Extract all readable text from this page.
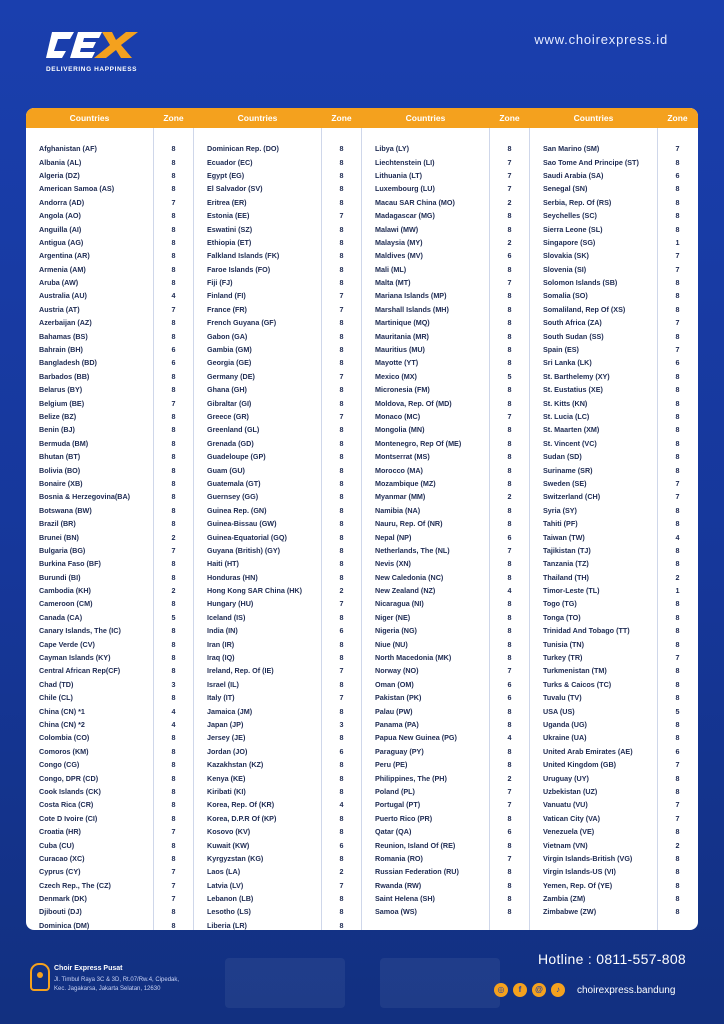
DELIVERING HAPPINESS
www.choirexpress.id
Countries	Zone	Countries	Zone	Countries	Zone	Countries	Zone
Afghanistan (AF)	8
Albania (AL)	8
Algeria (DZ)	8
American Samoa (AS)	8
Andorra (AD)	7
Angola (AO)	8
Anguilla (AI)	8
Antigua (AG)	8
Argentina (AR)	8
Armenia (AM)	8
Aruba (AW)	8
Australia (AU)	4
Austria (AT)	7
Azerbaijan (AZ)	8
Bahamas (BS)	8
Bahrain (BH)	6
Bangladesh (BD)	6
Barbados (BB)	8
Belarus (BY)	8
Belgium (BE)	7
Belize (BZ)	8
Benin (BJ)	8
Bermuda (BM)	8
Bhutan (BT)	8
Bolivia (BO)	8
Bonaire (XB)	8
Bosnia & Herzegovina(BA)	8
Botswana (BW)	8
Brazil (BR)	8
Brunei (BN)	2
Bulgaria (BG)	7
Burkina Faso (BF)	8
Burundi (BI)	8
Cambodia (KH)	2
Cameroon (CM)	8
Canada (CA)	5
Canary Islands, The (IC)	8
Cape Verde (CV)	8
Cayman Islands (KY)	8
Central African Rep(CF)	8
Chad (TD)	3
Chile (CL)	8
China (CN) *1	4
China (CN) *2	4
Colombia (CO)	8
Comoros (KM)	8
Congo (CG)	8
Congo, DPR (CD)	8
Cook Islands (CK)	8
Costa Rica (CR)	8
Cote D Ivoire (CI)	8
Croatia (HR)	7
Cuba (CU)	8
Curacao (XC)	8
Cyprus (CY)	7
Czech Rep., The (CZ)	7
Denmark (DK)	7
Djibouti (DJ)	8
Dominica (DM)	8
Dominican Rep. (DO)	8
Ecuador (EC)	8
Egypt (EG)	8
El Salvador (SV)	8
Eritrea (ER)	8
Estonia (EE)	7
Eswatini (SZ)	8
Ethiopia (ET)	8
Falkland Islands (FK)	8
Faroe Islands (FO)	8
Fiji (FJ)	8
Finland (FI)	7
France (FR)	7
French Guyana (GF)	8
Gabon (GA)	8
Gambia (GM)	8
Georgia (GE)	8
Germany (DE)	7
Ghana (GH)	8
Gibraltar (GI)	8
Greece (GR)	7
Greenland (GL)	8
Grenada (GD)	8
Guadeloupe (GP)	8
Guam (GU)	8
Guatemala (GT)	8
Guernsey (GG)	8
Guinea Rep. (GN)	8
Guinea-Bissau (GW)	8
Guinea-Equatorial (GQ)	8
Guyana (British) (GY)	8
Haiti (HT)	8
Honduras (HN)	8
Hong Kong SAR China (HK)	2
Hungary (HU)	7
Iceland (IS)	8
India (IN)	6
Iran (IR)	8
Iraq (IQ)	8
Ireland, Rep. Of (IE)	7
Israel (IL)	8
Italy (IT)	7
Jamaica (JM)	8
Japan (JP)	3
Jersey (JE)	8
Jordan (JO)	6
Kazakhstan (KZ)	8
Kenya (KE)	8
Kiribati (KI)	8
Korea, Rep. Of (KR)	4
Korea, D.P.R Of (KP)	8
Kosovo (KV)	8
Kuwait (KW)	6
Kyrgyzstan (KG)	8
Laos (LA)	2
Latvia (LV)	7
Lebanon (LB)	8
Lesotho (LS)	8
Liberia (LR)	8
Libya (LY)	8
Liechtenstein (LI)	7
Lithuania (LT)	7
Luxembourg (LU)	7
Macau SAR China (MO)	2
Madagascar (MG)	8
Malawi (MW)	8
Malaysia (MY)	2
Maldives (MV)	6
Mali (ML)	8
Malta (MT)	7
Mariana Islands (MP)	8
Marshall Islands (MH)	8
Martinique (MQ)	8
Mauritania (MR)	8
Mauritius (MU)	8
Mayotte (YT)	8
Mexico (MX)	5
Micronesia (FM)	8
Moldova, Rep. Of (MD)	8
Monaco (MC)	7
Mongolia (MN)	8
Montenegro, Rep Of (ME)	8
Montserrat (MS)	8
Morocco (MA)	8
Mozambique (MZ)	8
Myanmar (MM)	2
Namibia (NA)	8
Nauru, Rep. Of (NR)	8
Nepal (NP)	6
Netherlands, The (NL)	7
Nevis (XN)	8
New Caledonia (NC)	8
New Zealand (NZ)	4
Nicaragua (NI)	8
Niger (NE)	8
Nigeria (NG)	8
Niue (NU)	8
North Macedonia (MK)	8
Norway (NO)	7
Oman (OM)	6
Pakistan (PK)	6
Palau (PW)	8
Panama (PA)	8
Papua New Guinea (PG)	4
Paraguay (PY)	8
Peru (PE)	8
Philippines, The (PH)	2
Poland (PL)	7
Portugal (PT)	7
Puerto Rico (PR)	8
Qatar (QA)	6
Reunion, Island Of (RE)	8
Romania (RO)	7
Russian Federation (RU)	8
Rwanda (RW)	8
Saint Helena (SH)	8
Samoa (WS)	8
San Marino (SM)	7
Sao Tome And Principe (ST)	8
Saudi Arabia (SA)	6
Senegal (SN)	8
Serbia, Rep. Of (RS)	8
Seychelles (SC)	8
Sierra Leone (SL)	8
Singapore (SG)	1
Slovakia (SK)	7
Slovenia (SI)	7
Solomon Islands (SB)	8
Somalia (SO)	8
Somaliland, Rep Of (XS)	8
South Africa (ZA)	7
South Sudan (SS)	8
Spain (ES)	7
Sri Lanka (LK)	6
St. Barthelemy (XY)	8
St. Eustatius (XE)	8
St. Kitts (KN)	8
St. Lucia (LC)	8
St. Maarten (XM)	8
St. Vincent (VC)	8
Sudan (SD)	8
Suriname (SR)	8
Sweden (SE)	7
Switzerland (CH)	7
Syria (SY)	8
Tahiti (PF)	8
Taiwan (TW)	4
Tajikistan (TJ)	8
Tanzania (TZ)	8
Thailand (TH)	2
Timor-Leste (TL)	1
Togo (TG)	8
Tonga (TO)	8
Trinidad And Tobago (TT)	8
Tunisia (TN)	8
Turkey (TR)	7
Turkmenistan (TM)	8
Turks & Caicos (TC)	8
Tuvalu (TV)	8
USA (US)	5
Uganda (UG)	8
Ukraine (UA)	8
United Arab Emirates (AE)	6
United Kingdom (GB)	7
Uruguay (UY)	8
Uzbekistan (UZ)	8
Vanuatu (VU)	7
Vatican City (VA)	7
Venezuela (VE)	8
Vietnam (VN)	2
Virgin Islands-British (VG)	8
Virgin Islands-US (VI)	8
Yemen, Rep. Of (YE)	8
Zambia (ZM)	8
Zimbabwe (ZW)	8
Choir Express Pusat
Jl. Timbul Raya 3C & 3D, Rt.07/Rw.4, Cipedak,
Kec. Jagakarsa, Jakarta Selatan, 12630
Hotline : 0811-557-808
◎	f	@	♪	choirexpress.bandung
